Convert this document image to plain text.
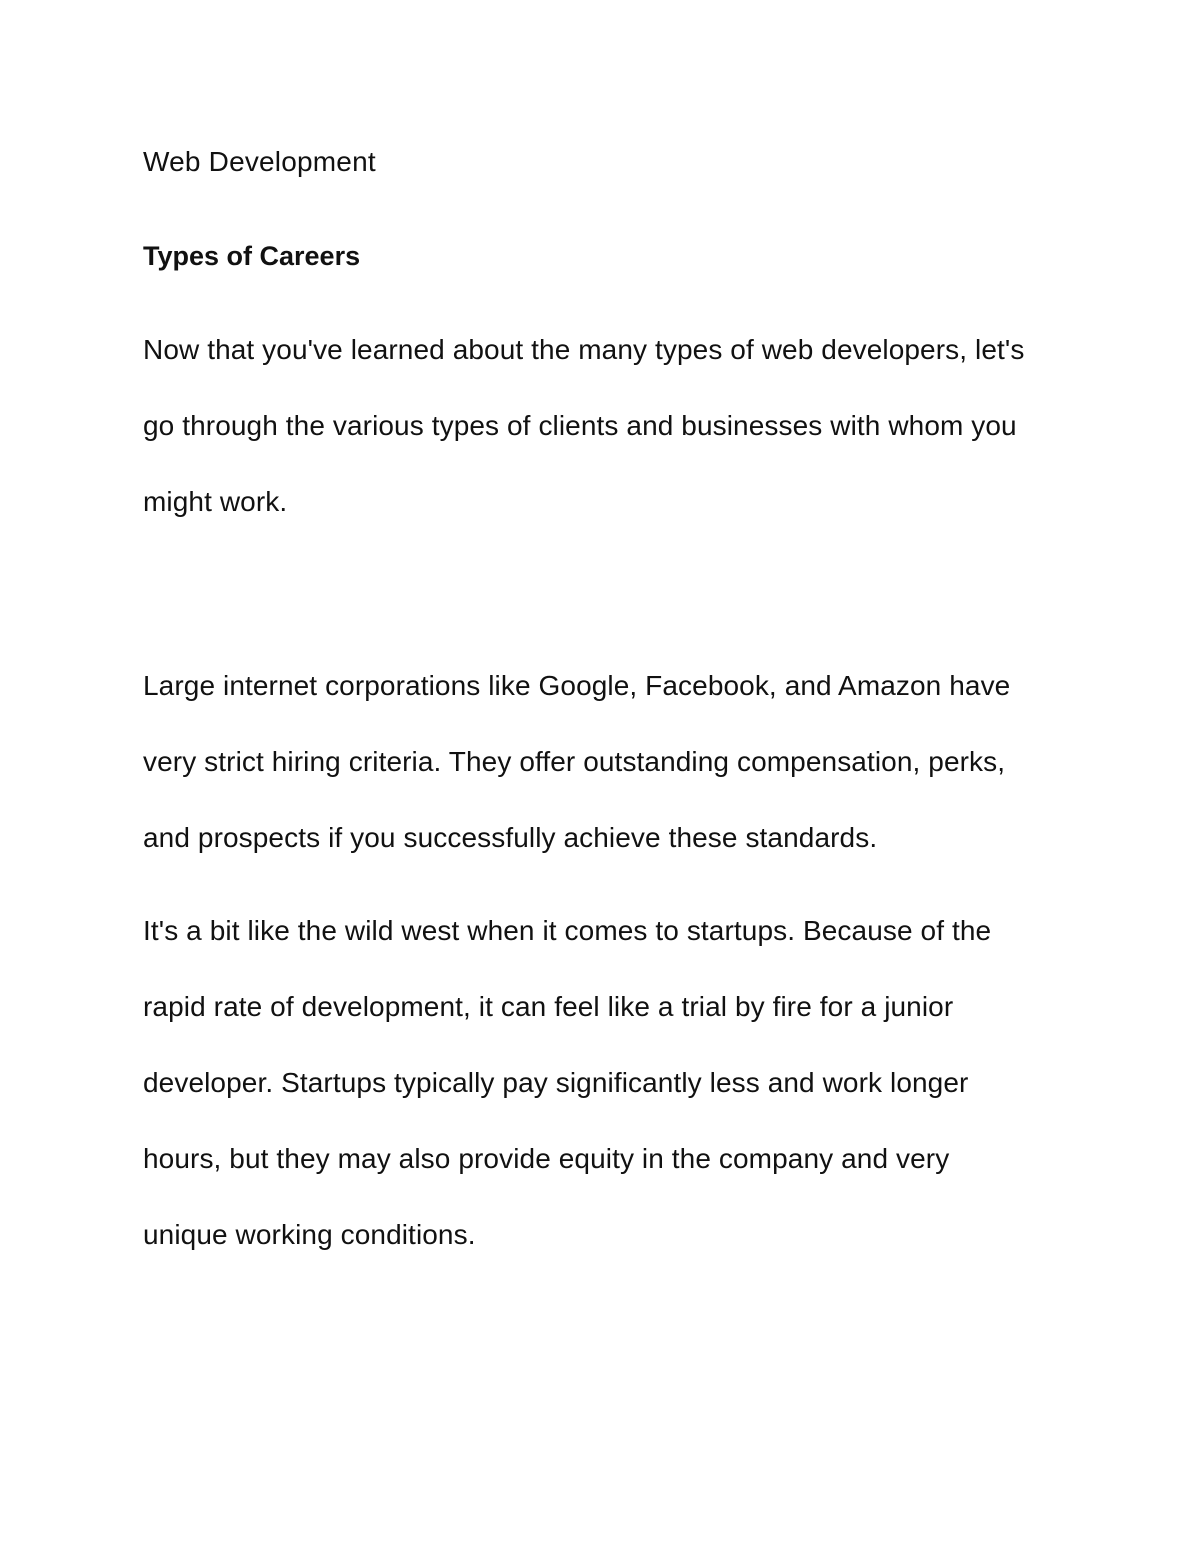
Web Development
Types of Careers

Now that you've learned about the many types of web developers, let's
go through the various types of clients and businesses with whom you
might work.

Large internet corporations like Google, Facebook, and Amazon have
very strict hiring criteria. They offer outstanding compensation, perks,
and prospects if you successfully achieve these standards.

It's a bit like the wild west when it comes to startups. Because of the
rapid rate of development, it can feel like a trial by fire for a junior
developer. Startups typically pay significantly less and work longer
hours, but they may also provide equity in the company and very
unique working conditions.
